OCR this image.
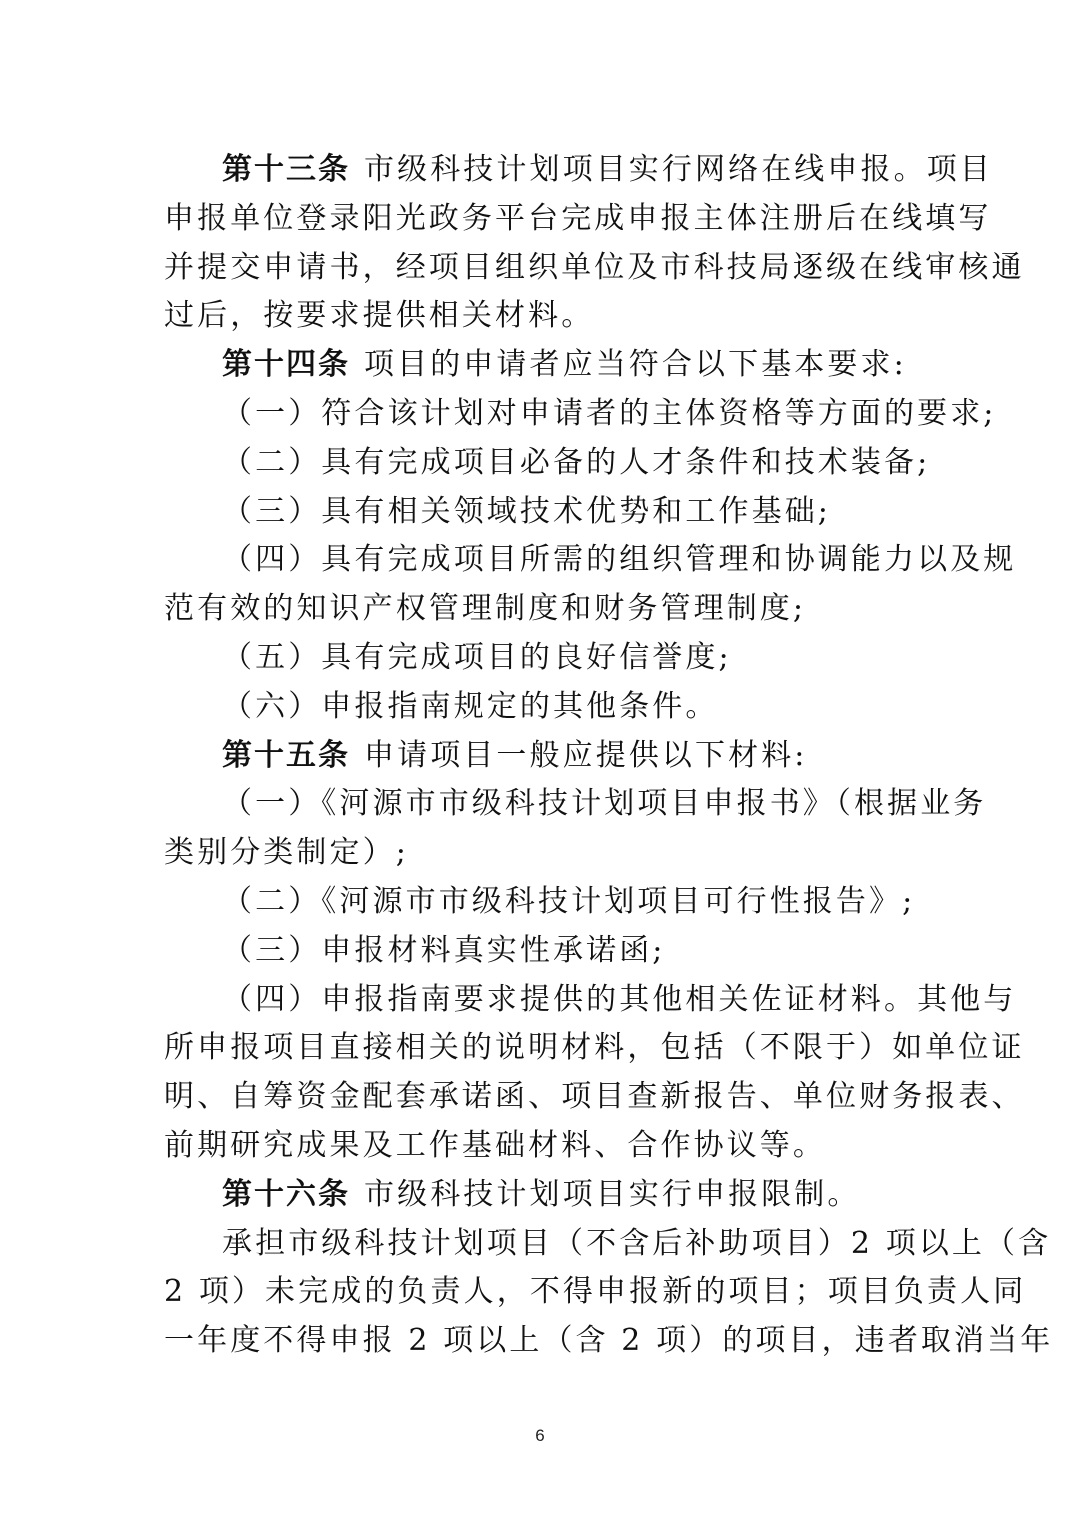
第十三条 市级科技计划项目实行网络在线申报。项目
申报单位登录阳光政务平台完成申报主体注册后在线填写
并提交申请书，经项目组织单位及市科技局逐级在线审核通
过后，按要求提供相关材料。
第十四条 项目的申请者应当符合以下基本要求:
（一）符合该计划对申请者的主体资格等方面的要求;
（二）具有完成项目必备的人才条件和技术装备;
（三）具有相关领域技术优势和工作基础;
（四）具有完成项目所需的组织管理和协调能力以及规
范有效的知识产权管理制度和财务管理制度;
（五）具有完成项目的良好信誉度;
（六）申报指南规定的其他条件。
第十五条 申请项目一般应提供以下材料:
（一）《河源市市级科技计划项目申报书》（根据业务
类别分类制定）;
（二）《河源市市级科技计划项目可行性报告》;
（三）申报材料真实性承诺函;
（四）申报指南要求提供的其他相关佐证材料。其他与
所申报项目直接相关的说明材料，包括（不限于）如单位证
明、自筹资金配套承诺函、项目查新报告、单位财务报表、
前期研究成果及工作基础材料、合作协议等。
第十六条 市级科技计划项目实行申报限制。
承担市级科技计划项目（不含后补助项目）2 项以上（含
2 项）未完成的负责人，不得申报新的项目；项目负责人同
一年度不得申报 2 项以上（含 2 项）的项目，违者取消当年
6
